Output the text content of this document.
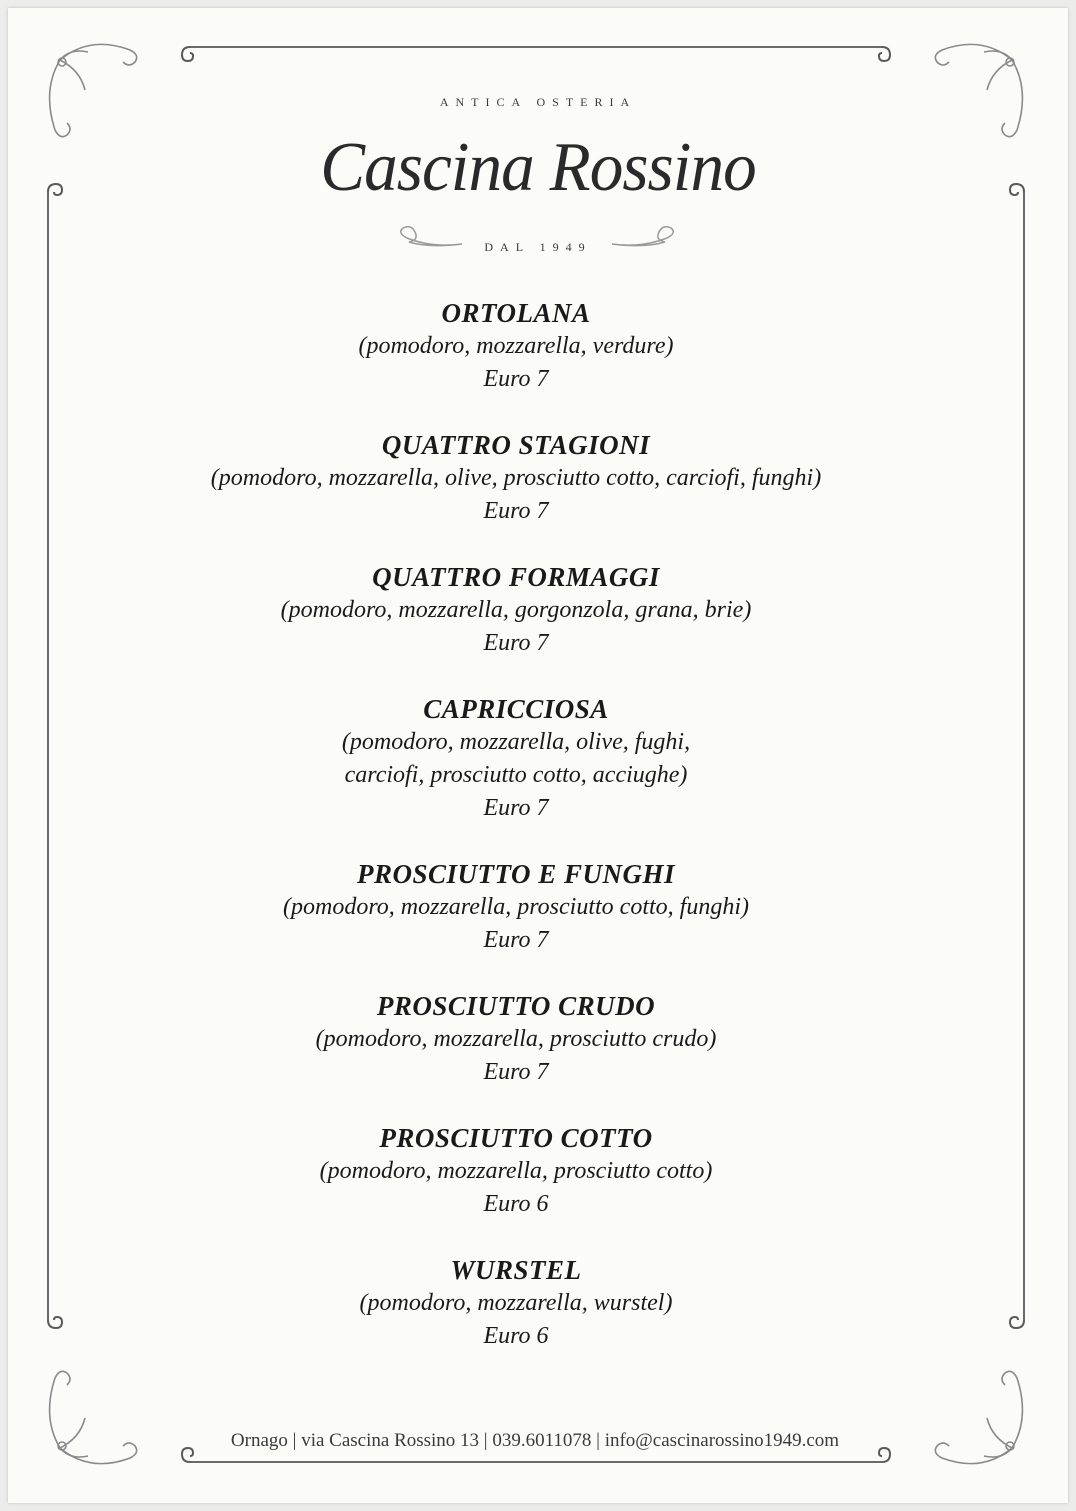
ANTICA OSTERIA
Cascina Rossino
DAL 1949
ORTOLANA
(pomodoro, mozzarella, verdure)
Euro 7
QUATTRO STAGIONI
(pomodoro, mozzarella, olive, prosciutto cotto, carciofi, funghi)
Euro 7
QUATTRO FORMAGGI
(pomodoro, mozzarella, gorgonzola, grana, brie)
Euro 7
CAPRICCIOSA
(pomodoro, mozzarella, olive, fughi,
carciofi, prosciutto cotto, acciughe)
Euro 7
PROSCIUTTO E FUNGHI
(pomodoro, mozzarella, prosciutto cotto, funghi)
Euro 7
PROSCIUTTO CRUDO
(pomodoro, mozzarella, prosciutto crudo)
Euro 7
PROSCIUTTO COTTO
(pomodoro, mozzarella, prosciutto cotto)
Euro 6
WURSTEL
(pomodoro, mozzarella, wurstel)
Euro 6
Ornago | via Cascina Rossino 13 | 039.6011078 | info@cascinarossino1949.com
